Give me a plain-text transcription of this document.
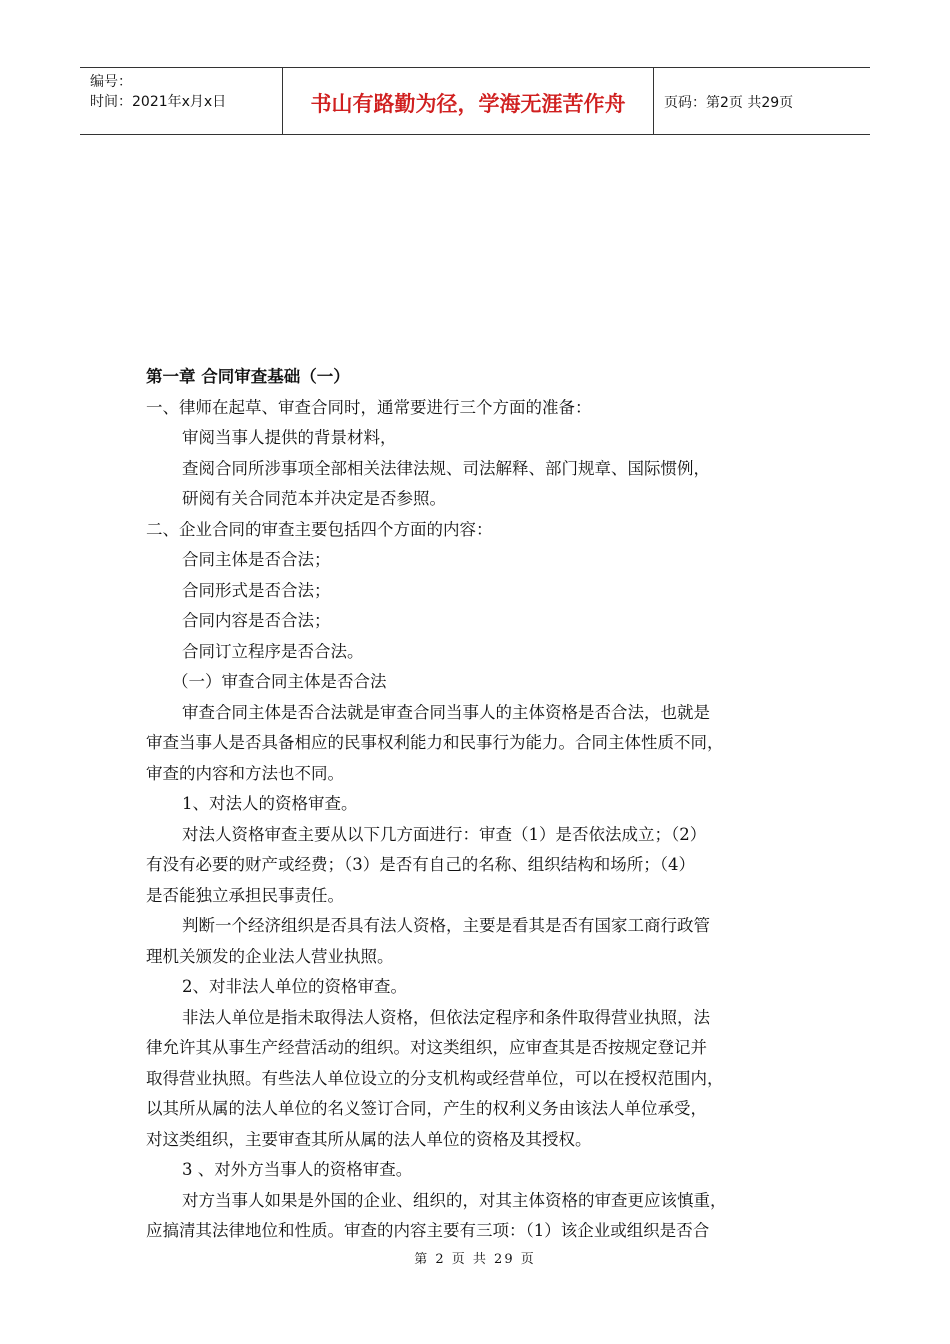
编号：
时间：2021年x月x日	书山有路勤为径，学海无涯苦作舟	页码：第2页 共29页

第一章 合同审查基础（一）

一、律师在起草、审查合同时，通常要进行三个方面的准备：

审阅当事人提供的背景材料，

查阅合同所涉事项全部相关法律法规、司法解释、部门规章、国际惯例，

研阅有关合同范本并决定是否参照。

二、企业合同的审查主要包括四个方面的内容：

合同主体是否合法；

合同形式是否合法；

合同内容是否合法；

合同订立程序是否合法。

（一）审查合同主体是否合法

审查合同主体是否合法就是审查合同当事人的主体资格是否合法，也就是

审查当事人是否具备相应的民事权利能力和民事行为能力。合同主体性质不同，

审查的内容和方法也不同。

1、对法人的资格审查。

对法人资格审查主要从以下几方面进行：审查（1）是否依法成立；（2）

有没有必要的财产或经费；（3）是否有自己的名称、组织结构和场所；（4）

是否能独立承担民事责任。

判断一个经济组织是否具有法人资格，主要是看其是否有国家工商行政管

理机关颁发的企业法人营业执照。

2、对非法人单位的资格审查。

非法人单位是指未取得法人资格，但依法定程序和条件取得营业执照，法

律允许其从事生产经营活动的组织。对这类组织，应审查其是否按规定登记并

取得营业执照。有些法人单位设立的分支机构或经营单位，可以在授权范围内，

以其所从属的法人单位的名义签订合同，产生的权利义务由该法人单位承受，

对这类组织，主要审查其所从属的法人单位的资格及其授权。

3 、对外方当事人的资格审查。

对方当事人如果是外国的企业、组织的，对其主体资格的审查更应该慎重，

应搞清其法律地位和性质。审查的内容主要有三项：（1）该企业或组织是否合

第 2 页 共 29 页
